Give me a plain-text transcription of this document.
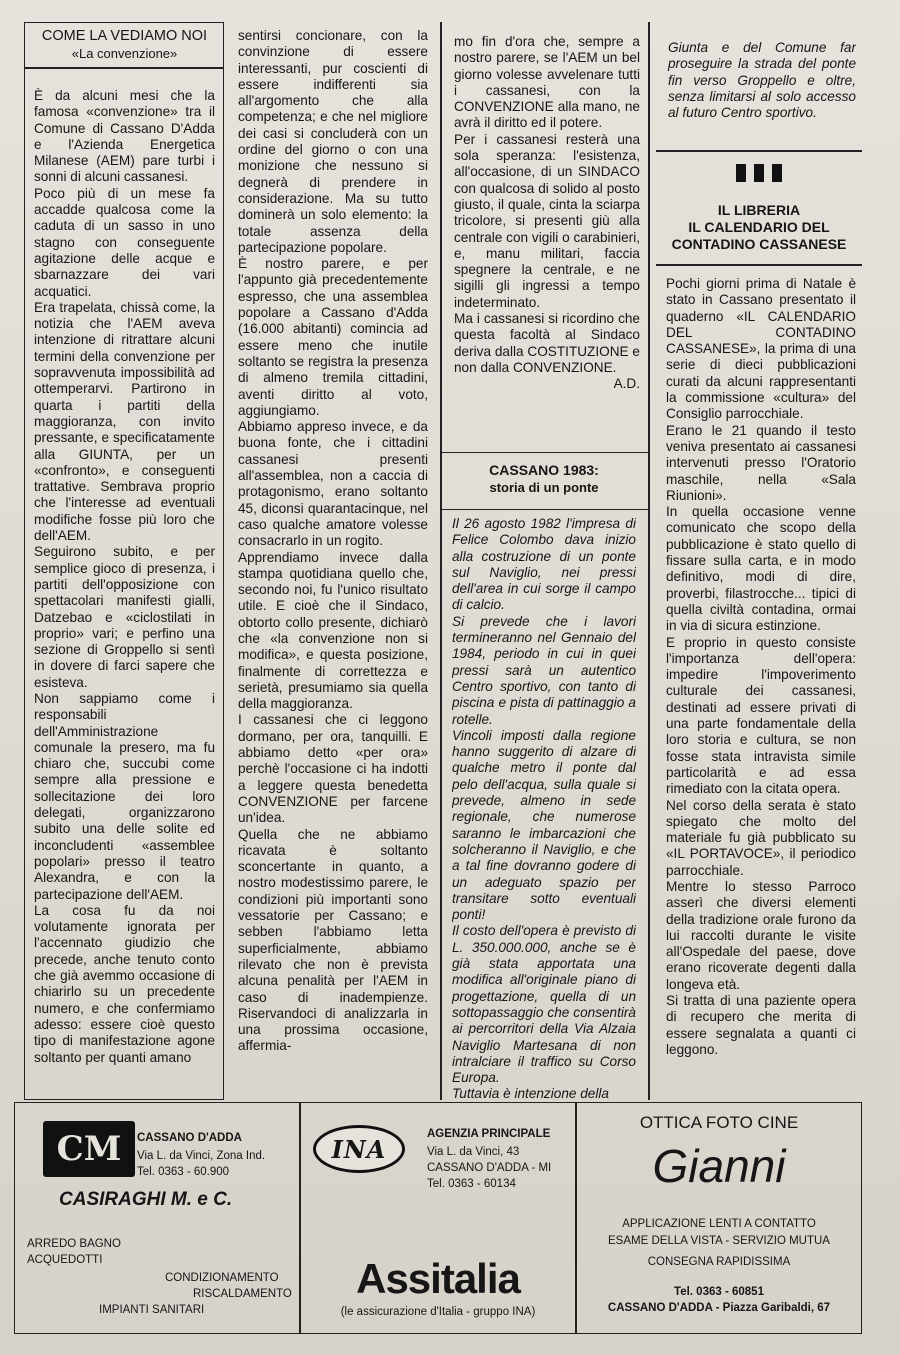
COME LA VEDIAMO NOI
«La convenzione»

È da alcuni mesi che la famosa «convenzione» tra il Comune di Cassano D'Adda e l'Azienda Energetica Milanese (AEM) pare turbi i sonni di alcuni cassanesi.

Poco più di un mese fa accadde qualcosa come la caduta di un sasso in uno stagno con conseguente agitazione delle acque e sbarnazzare dei vari acquatici.

Era trapelata, chissà come, la notizia che l'AEM aveva intenzione di ritrattare alcuni termini della convenzione per sopravvenuta impossibilità ad ottemperarvi. Partirono in quarta i partiti della maggioranza, con invito pressante, e specificatamente alla GIUNTA, per un «confronto», e conseguenti trattative. Sembrava proprio che l'interesse ad eventuali modifiche fosse più loro che dell'AEM.

Seguirono subito, e per semplice gioco di presenza, i partiti dell'opposizione con spettacolari manifesti gialli, Datzebao e «ciclostilati in proprio» vari; e perfino una sezione di Groppello si sentì in dovere di farci sapere che esisteva.

Non sappiamo come i responsabili dell'Amministrazione comunale la presero, ma fu chiaro che, succubi come sempre alla pressione e sollecitazione dei loro delegati, organizzarono subito una delle solite ed inconcludenti «assemblee popolari» presso il teatro Alexandra, e con la partecipazione dell'AEM.

La cosa fu da noi volutamente ignorata per l'accennato giudizio che precede, anche tenuto conto che già avemmo occasione di chiarirlo su un precedente numero, e che confermiamo adesso: essere cioè questo tipo di manifestazione agone soltanto per quanti amano

sentirsi concionare, con la convinzione di essere interessanti, pur coscienti di essere indifferenti sia all'argomento che alla competenza; e che nel migliore dei casi si concluderà con un ordine del giorno o con una monizione che nessuno si degnerà di prendere in considerazione. Ma su tutto dominerà un solo elemento: la totale assenza della partecipazione popolare.

È nostro parere, e per l'appunto già precedentemente espresso, che una assemblea popolare a Cassano d'Adda (16.000 abitanti) comincia ad essere meno che inutile soltanto se registra la presenza di almeno tremila cittadini, aventi diritto al voto, aggiungiamo.

Abbiamo appreso invece, e da buona fonte, che i cittadini cassanesi presenti all'assemblea, non a caccia di protagonismo, erano soltanto 45, diconsi quarantacinque, nel caso qualche amatore volesse consacrarlo in un rogito.

Apprendiamo invece dalla stampa quotidiana quello che, secondo noi, fu l'unico risultato utile. E cioè che il Sindaco, obtorto collo presente, dichiarò che «la convenzione non si modifica», e questa posizione, finalmente di correttezza e serietà, presumiamo sia quella della maggioranza.

I cassanesi che ci leggono dormano, per ora, tanquilli. E abbiamo detto «per ora» perchè l'occasione ci ha indotti a leggere questa benedetta CONVENZIONE per farcene un'idea.

Quella che ne abbiamo ricavata è soltanto sconcertante in quanto, a nostro modestissimo parere, le condizioni più importanti sono vessatorie per Cassano; e sebben l'abbiamo letta superficialmente, abbiamo rilevato che non è prevista alcuna penalità per l'AEM in caso di inadempienze. Riservandoci di analizzarla in una prossima occasione, affermia-

mo fin d'ora che, sempre a nostro parere, se l'AEM un bel giorno volesse avvelenare tutti i cassanesi, con la CONVENZIONE alla mano, ne avrà il diritto ed il potere.

Per i cassanesi resterà una sola speranza: l'esistenza, all'occasione, di un SINDACO con qualcosa di solido al posto giusto, il quale, cinta la sciarpa tricolore, si presenti giù alla centrale con vigili o carabinieri, e, manu militari, faccia spegnere la centrale, e ne sigilli gli ingressi a tempo indeterminato.

Ma i cassanesi si ricordino che questa facoltà al Sindaco deriva dalla COSTITUZIONE e non dalla CONVENZIONE.

A.D.

CASSANO 1983:
storia di un ponte

Il 26 agosto 1982 l'impresa di Felice Colombo dava inizio alla costruzione di un ponte sul Naviglio, nei pressi dell'area in cui sorge il campo di calcio.

Si prevede che i lavori termineranno nel Gennaio del 1984, periodo in cui in quei pressi sarà un autentico Centro sportivo, con tanto di piscina e pista di pattinaggio a rotelle.

Vincoli imposti dalla regione hanno suggerito di alzare di qualche metro il ponte dal pelo dell'acqua, sulla quale si prevede, almeno in sede regionale, che numerose saranno le imbarcazioni che solcheranno il Naviglio, e che a tal fine dovranno godere di un adeguato spazio per transitare sotto eventuali ponti!

Il costo dell'opera è previsto di L. 350.000.000, anche se è già stata apportata una modifica all'originale piano di progettazione, quella di un sottopassaggio che consentirà ai percorritori della Via Alzaia Naviglio Martesana di non intralciare il traffico su Corso Europa.

Tuttavia è intenzione della

Giunta e del Comune far proseguire la strada del ponte fin verso Groppello e oltre, senza limitarsi al solo accesso al futuro Centro sportivo.

IL LIBRERIA
IL CALENDARIO DEL
CONTADINO CASSANESE

Pochi giorni prima di Natale è stato in Cassano presentato il quaderno «IL CALENDARIO DEL CONTADINO CASSANESE», la prima di una serie di dieci pubblicazioni curati da alcuni rappresentanti la commissione «cultura» del Consiglio parrocchiale.

Erano le 21 quando il testo veniva presentato ai cassanesi intervenuti presso l'Oratorio maschile, nella «Sala Riunioni».

In quella occasione venne comunicato che scopo della pubblicazione è stato quello di fissare sulla carta, e in modo definitivo, modi di dire, proverbi, filastrocche... tipici di quella civiltà contadina, ormai in via di sicura estinzione.

E proprio in questo consiste l'importanza dell'opera: impedire l'impoverimento culturale dei cassanesi, destinati ad essere privati di una parte fondamentale della loro storia e cultura, se non fosse stata intravista simile particolarità e ad essa rimediato con la citata opera.

Nel corso della serata è stato spiegato che molto del materiale fu già pubblicato su «IL PORTAVOCE», il periodico parrocchiale.

Mentre lo stesso Parroco asserì che diversi elementi della tradizione orale furono da lui raccolti durante le visite all'Ospedale del paese, dove erano ricoverate degenti dalla longeva età.

Si tratta di una paziente opera di recupero che merita di essere segnalata a quanti ci leggono.

CM	CASSANO D'ADDA
Via L. da Vinci, Zona Ind.
Tel. 0363 - 60.900
CASIRAGHI M. e C.
ARREDO BAGNO
ACQUEDOTTI
CONDIZIONAMENTO
RISCALDAMENTO
IMPIANTI SANITARI
INA
AGENZIA PRINCIPALE
Via L. da Vinci, 43
CASSANO D'ADDA - MI
Tel. 0363 - 60134
Assitalia
(le assicurazione d'Italia - gruppo INA)
OTTICA FOTO CINE
Gianni
APPLICAZIONE LENTI A CONTATTO
ESAME DELLA VISTA - SERVIZIO MUTUA
CONSEGNA RAPIDISSIMA
Tel. 0363 - 60851
CASSANO D'ADDA - Piazza Garibaldi, 67
